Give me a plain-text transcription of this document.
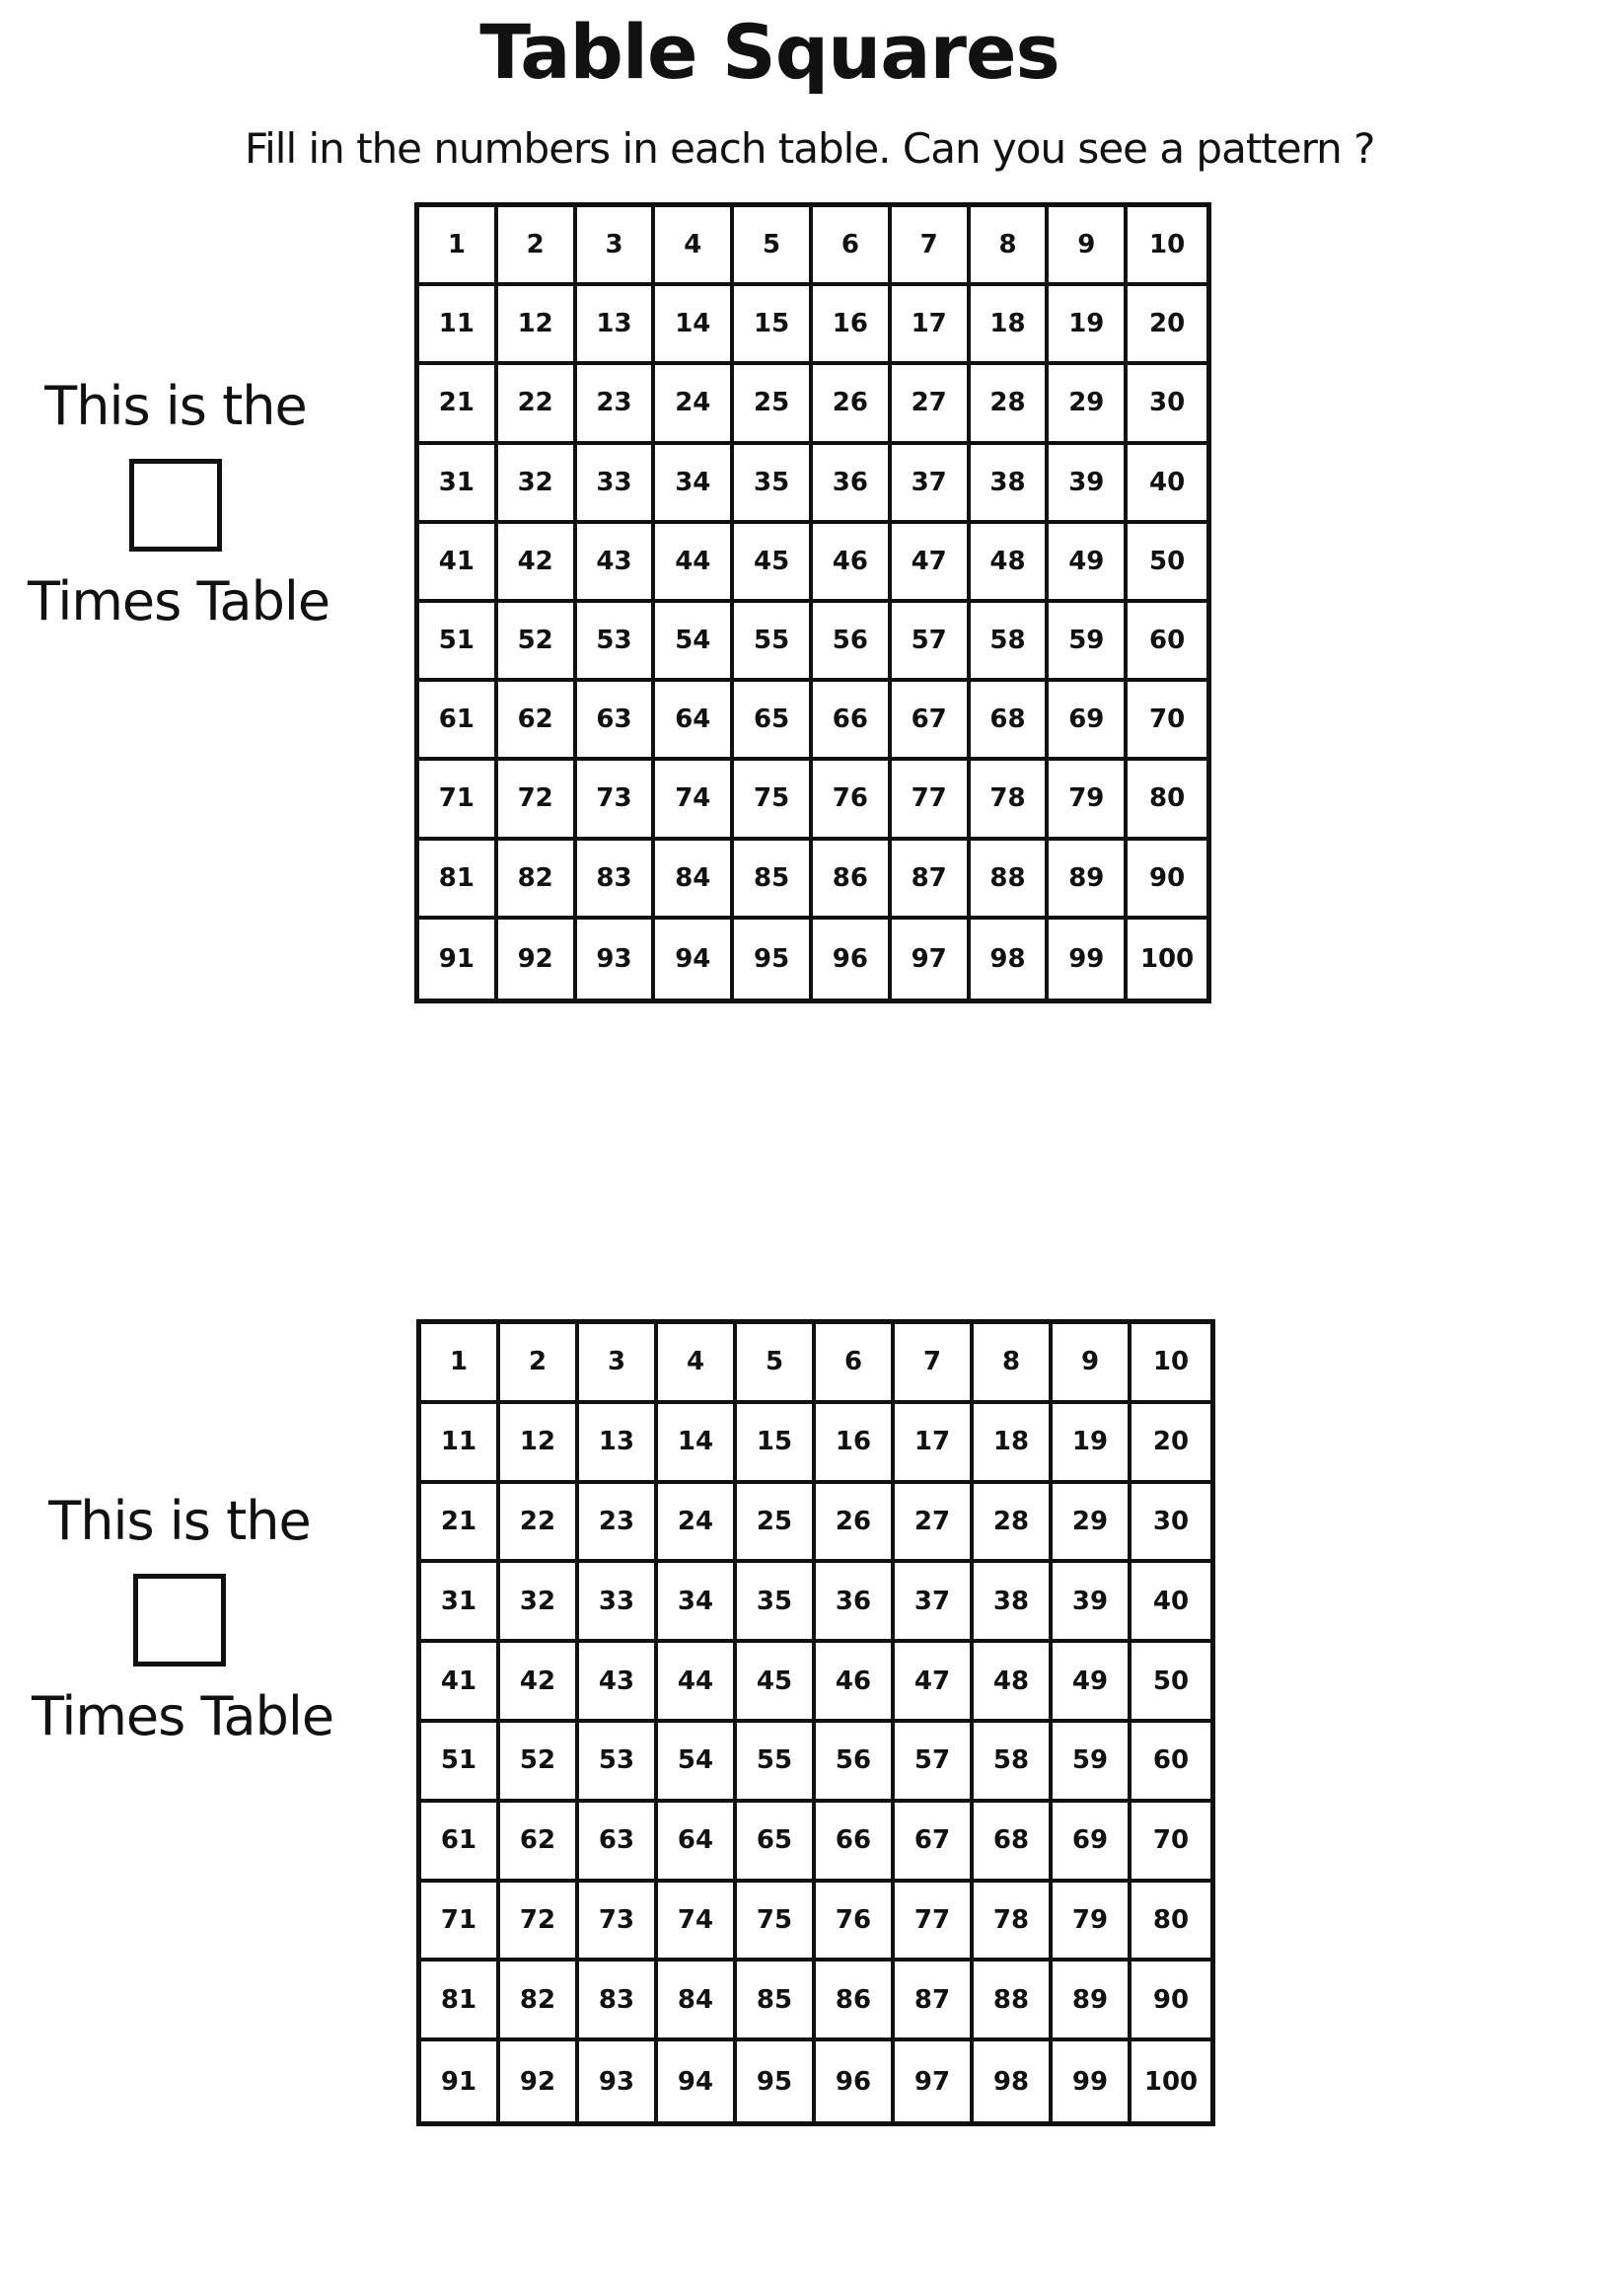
Table Squares
Fill in the numbers in each table. Can you see a pattern ?
This is the
Times Table
1	2	3	4	5	6	7	8	9	10
11	12	13	14	15	16	17	18	19	20
21	22	23	24	25	26	27	28	29	30
31	32	33	34	35	36	37	38	39	40
41	42	43	44	45	46	47	48	49	50
51	52	53	54	55	56	57	58	59	60
61	62	63	64	65	66	67	68	69	70
71	72	73	74	75	76	77	78	79	80
81	82	83	84	85	86	87	88	89	90
91	92	93	94	95	96	97	98	99	100
This is the
Times Table
1	2	3	4	5	6	7	8	9	10
11	12	13	14	15	16	17	18	19	20
21	22	23	24	25	26	27	28	29	30
31	32	33	34	35	36	37	38	39	40
41	42	43	44	45	46	47	48	49	50
51	52	53	54	55	56	57	58	59	60
61	62	63	64	65	66	67	68	69	70
71	72	73	74	75	76	77	78	79	80
81	82	83	84	85	86	87	88	89	90
91	92	93	94	95	96	97	98	99	100
